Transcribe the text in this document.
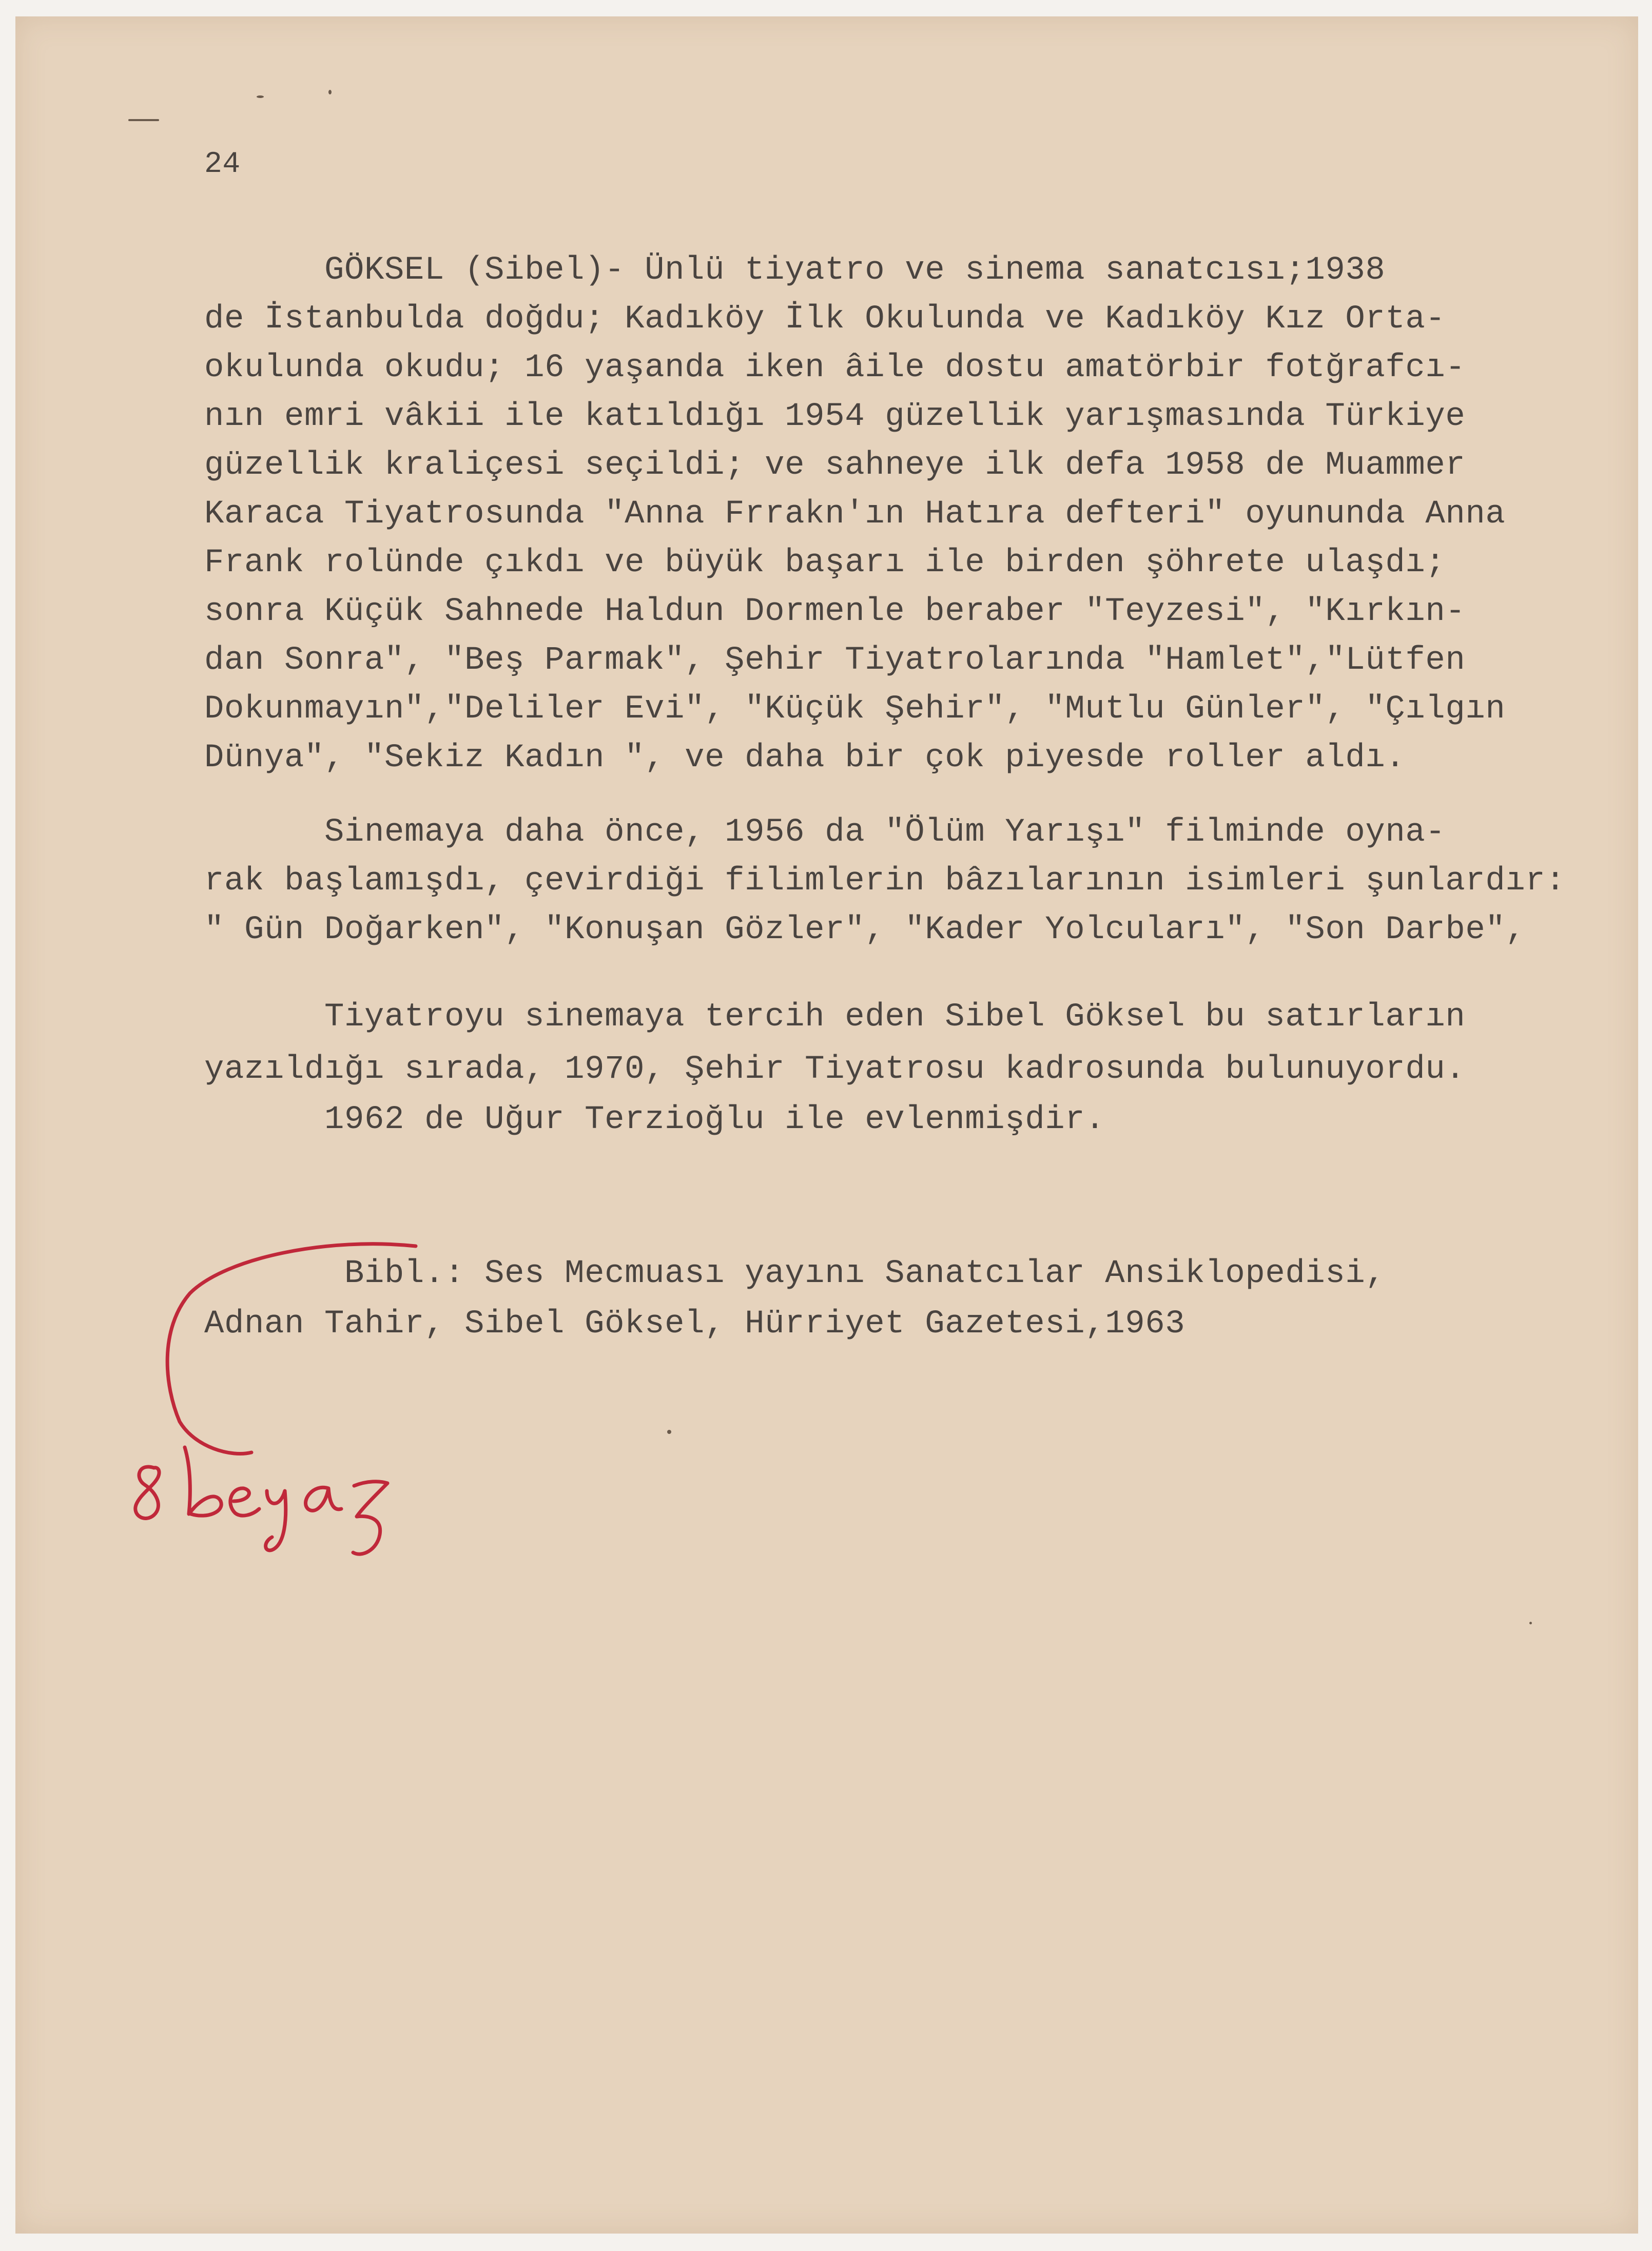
24
GÖKSEL (Sibel)- Ünlü tiyatro ve sinema sanatcısı;1938
de İstanbulda doğdu; Kadıköy İlk Okulunda ve Kadıköy Kız Orta-
okulunda okudu; 16 yaşanda iken âile dostu amatörbir fotğrafcı-
nın emri vâkii ile katıldığı 1954 güzellik yarışmasında Türkiye
güzellik kraliçesi seçildi; ve sahneye ilk defa 1958 de Muammer
Karaca Tiyatrosunda "Anna Frrakn'ın Hatıra defteri" oyununda Anna
Frank rolünde çıkdı ve büyük başarı ile birden şöhrete ulaşdı;
sonra Küçük Sahnede Haldun Dormenle beraber "Teyzesi", "Kırkın-
dan Sonra", "Beş Parmak", Şehir Tiyatrolarında "Hamlet","Lütfen
Dokunmayın","Deliler Evi", "Küçük Şehir", "Mutlu Günler", "Çılgın
Dünya", "Sekiz Kadın ", ve daha bir çok piyesde roller aldı.
Sinemaya daha önce, 1956 da "Ölüm Yarışı" filminde oyna-
rak başlamışdı, çevirdiği filimlerin bâzılarının isimleri şunlardır:
" Gün Doğarken", "Konuşan Gözler", "Kader Yolcuları", "Son Darbe",
Tiyatroyu sinemaya tercih eden Sibel Göksel bu satırların
yazıldığı sırada, 1970, Şehir Tiyatrosu kadrosunda bulunuyordu.
1962 de Uğur Terzioğlu ile evlenmişdir.
Bibl.: Ses Mecmuası yayını Sanatcılar Ansiklopedisi,
Adnan Tahir, Sibel Göksel, Hürriyet Gazetesi,1963
